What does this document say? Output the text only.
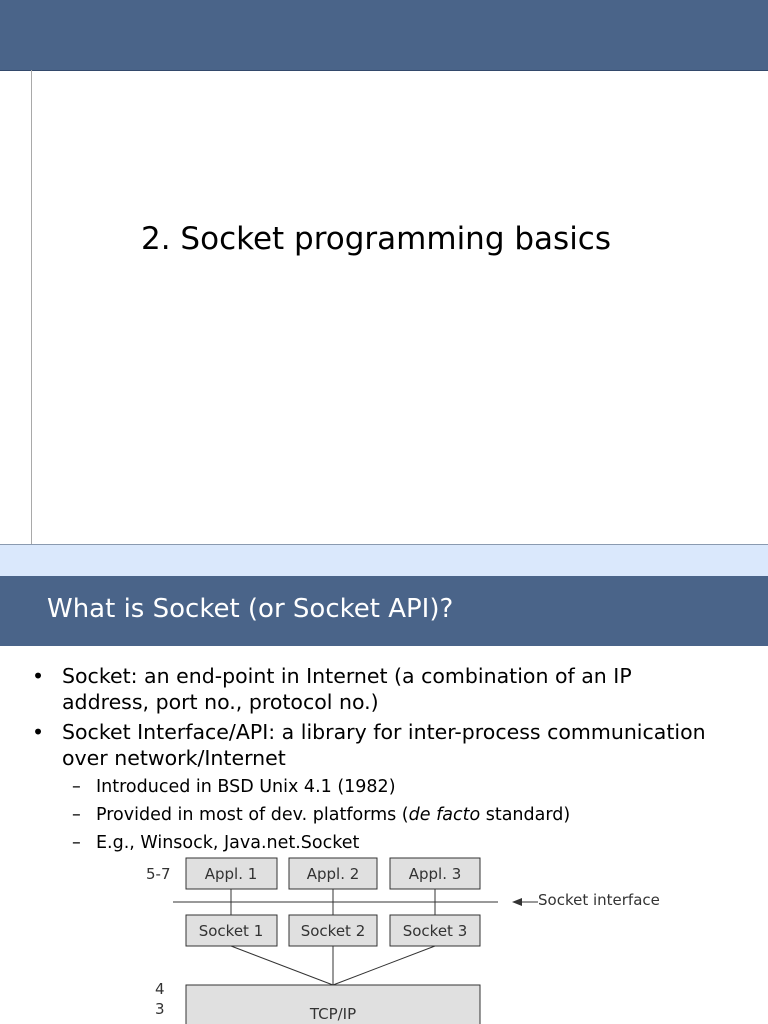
2. Socket programming basics
What is Socket (or Socket API)?
• Socket: an end-point in Internet (a combination of an IP
address, port no., protocol no.)
• Socket Interface/API: a library for inter-process communication
over network/Internet
– Introduced in BSD Unix 4.1 (1982)
– Provided in most of dev. platforms (de facto standard)
– E.g., Winsock, Java.net.Socket
5-7 Appl. 1	Appl. 2	Appl. 3
Socket interface
Socket 1 Socket 2 Socket 3
4
3	TCP/IP
